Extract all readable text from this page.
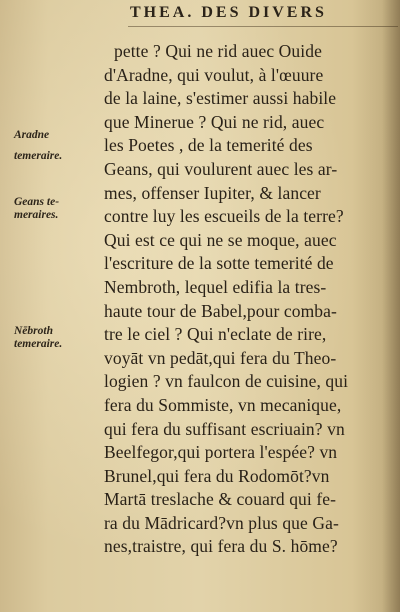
THEA. DES DIVERS
Aradne
temeraire.
Geans te-
meraires.
Nēbroth
temeraire.
pette ? Qui ne rid auec Ouide
d'Aradne, qui voulut, à l'œuure
de la laine, s'estimer aussi habile
que Minerue ? Qui ne rid, auec
les Poetes , de la temerité des
Geans, qui voulurent auec les ar-
mes, offenser Iupiter, & lancer
contre luy les escueils de la terre?
Qui est ce qui ne se moque, auec
l'escriture de la sotte temerité de
Nembroth, lequel edifia la tres-
haute tour de Babel,pour comba-
tre le ciel ? Qui n'eclate de rire,
voyāt vn pedāt,qui fera du Theo-
logien ? vn faulcon de cuisine, qui
fera du Sommiste, vn mecanique,
qui fera du suffisant escriuain? vn
Beelfegor,qui portera l'espée? vn
Brunel,qui fera du Rodomōt?vn
Martā treslache & couard qui fe-
ra du Mādricard?vn plus que Ga-
nes,traistre, qui fera du S. hōme?
